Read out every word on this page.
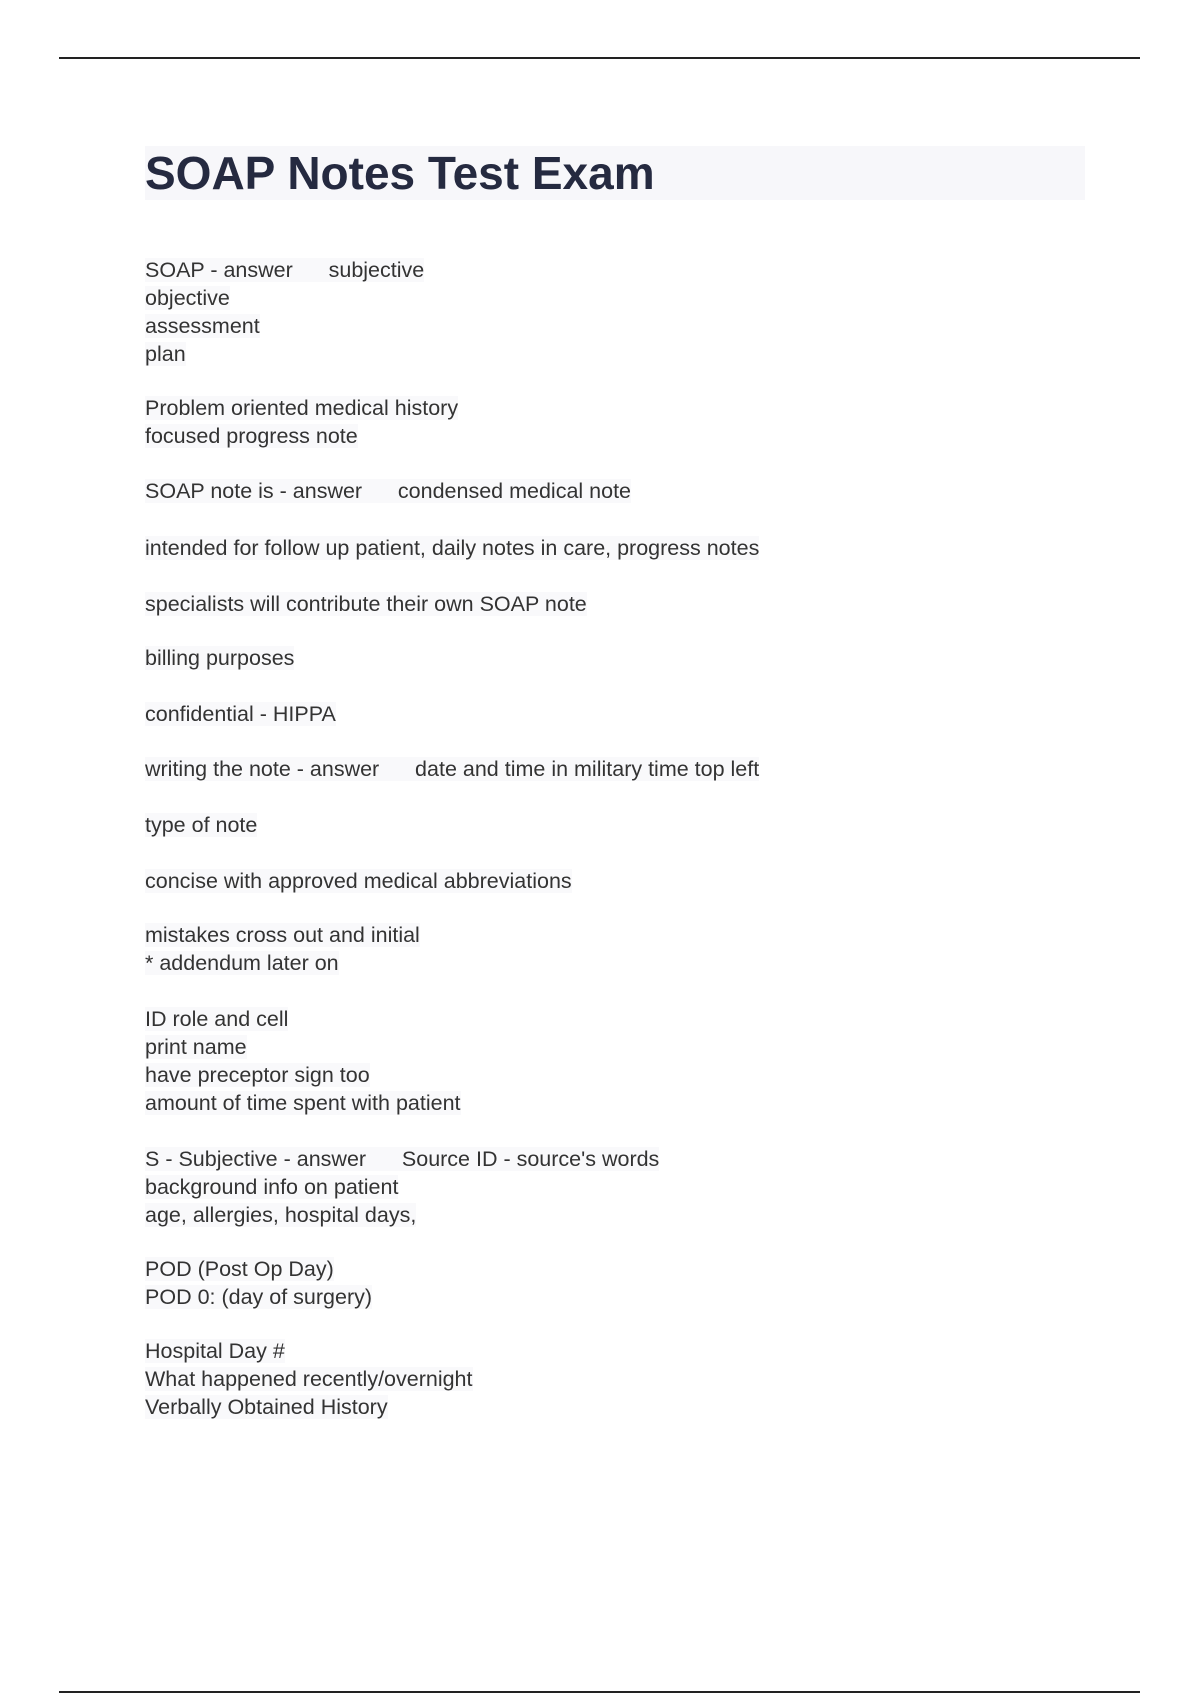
SOAP Notes Test Exam
SOAP - answer      subjective
objective
assessment
plan
Problem oriented medical history
focused progress note
SOAP note is - answer      condensed medical note
intended for follow up patient, daily notes in care, progress notes
specialists will contribute their own SOAP note
billing purposes
confidential - HIPPA
writing the note - answer      date and time in military time top left
type of note
concise with approved medical abbreviations
mistakes cross out and initial
* addendum later on
ID role and cell
print name
have preceptor sign too
amount of time spent with patient
S - Subjective - answer      Source ID - source's words
background info on patient
age, allergies, hospital days,
POD (Post Op Day)
POD 0: (day of surgery)
Hospital Day #
What happened recently/overnight
Verbally Obtained History
